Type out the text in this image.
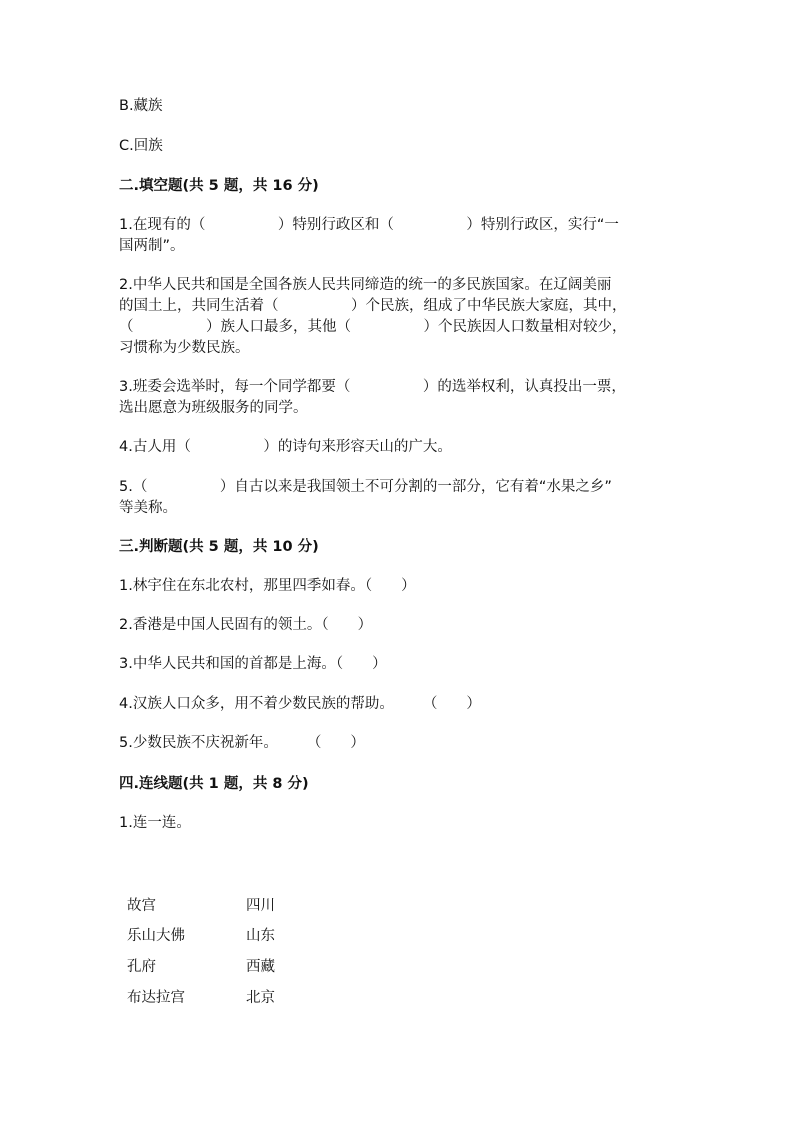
B.藏族
C.回族
二.填空题(共 5 题，共 16 分)
1.在现有的（　　　　　）特别行政区和（　　　　　）特别行政区，实行“一
国两制”。
2.中华人民共和国是全国各族人民共同缔造的统一的多民族国家。在辽阔美丽
的国土上，共同生活着（　　　　　）个民族，组成了中华民族大家庭，其中，
（　　　　　）族人口最多，其他（　　　　　）个民族因人口数量相对较少，
习惯称为少数民族。
3.班委会选举时，每一个同学都要（　　　　　）的选举权利，认真投出一票，
选出愿意为班级服务的同学。
4.古人用（　　　　　）的诗句来形容天山的广大。
5.（　　　　　）自古以来是我国领土不可分割的一部分，它有着“水果之乡”
等美称。
三.判断题(共 5 题，共 10 分)
1.林宇住在东北农村，那里四季如春。（　　）
2.香港是中国人民固有的领土。（　　）
3.中华人民共和国的首都是上海。（　　）
4.汉族人口众多，用不着少数民族的帮助。　　　（　　）
5.少数民族不庆祝新年。　　　（　　）
四.连线题(共 1 题，共 8 分)
1.连一连。
故宫	四川
乐山大佛	山东
孔府	西藏
布达拉宫	北京
